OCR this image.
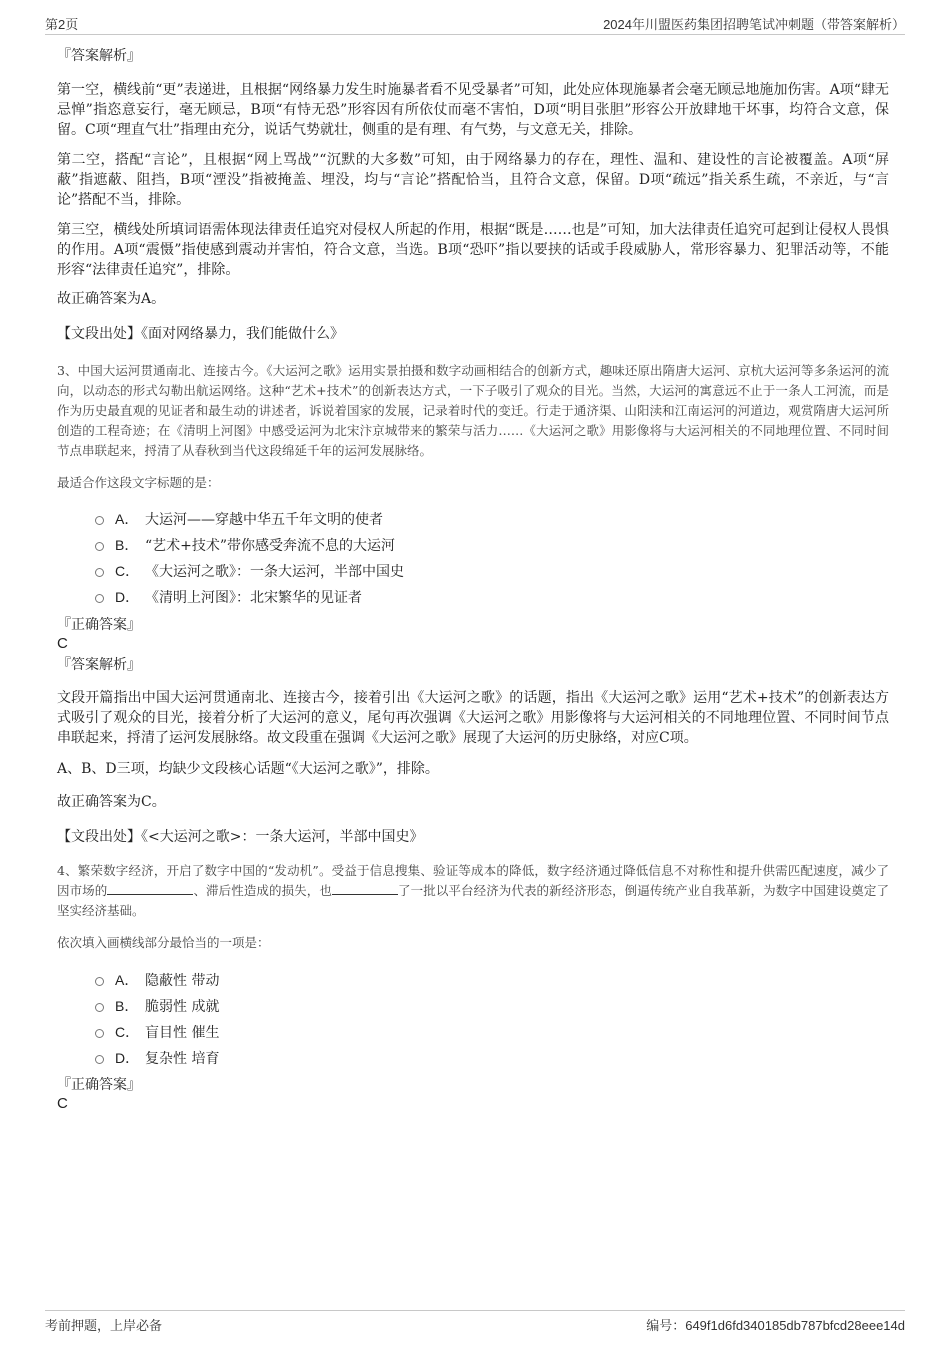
第2页	2024年川盟医药集团招聘笔试冲刺题（带答案解析）
『答案解析』

第一空，横线前“更”表递进，且根据“网络暴力发生时施暴者看不见受暴者”可知，此处应体现施暴者会毫无顾忌地施加伤害。A项“肆无忌惮”指恣意妄行，毫无顾忌，B项“有恃无恐”形容因有所依仗而毫不害怕，D项“明目张胆”形容公开放肆地干坏事，均符合文意，保留。C项“理直气壮”指理由充分，说话气势就壮，侧重的是有理、有气势，与文意无关，排除。

第二空，搭配“言论”，且根据“网上骂战”“沉默的大多数”可知，由于网络暴力的存在，理性、温和、建设性的言论被覆盖。A项“屏蔽”指遮蔽、阻挡，B项“湮没”指被掩盖、埋没，均与“言论”搭配恰当，且符合文意，保留。D项“疏远”指关系生疏，不亲近，与“言论”搭配不当，排除。

第三空，横线处所填词语需体现法律责任追究对侵权人所起的作用，根据“既是……也是”可知，加大法律责任追究可起到让侵权人畏惧的作用。A项“震慑”指使感到震动并害怕，符合文意，当选。B项“恐吓”指以要挟的话或手段威胁人，常形容暴力、犯罪活动等，不能形容“法律责任追究”，排除。

故正确答案为A。

【文段出处】《面对网络暴力，我们能做什么》

3、中国大运河贯通南北、连接古今。《大运河之歌》运用实景拍摄和数字动画相结合的创新方式，趣味还原出隋唐大运河、京杭大运河等多条运河的流向，以动态的形式勾勒出航运网络。这种“艺术+技术”的创新表达方式，一下子吸引了观众的目光。当然，大运河的寓意远不止于一条人工河流，而是作为历史最直观的见证者和最生动的讲述者，诉说着国家的发展，记录着时代的变迁。行走于通济渠、山阳渎和江南运河的河道边，观赏隋唐大运河所创造的工程奇迹；在《清明上河图》中感受运河为北宋汴京城带来的繁荣与活力……《大运河之歌》用影像将与大运河相关的不同地理位置、不同时间节点串联起来，捋清了从春秋到当代这段绵延千年的运河发展脉络。

最适合作这段文字标题的是：

A． 大运河——穿越中华五千年文明的使者
B． “艺术+技术”带你感受奔流不息的大运河
C． 《大运河之歌》：一条大运河，半部中国史
D． 《清明上河图》：北宋繁华的见证者
『正确答案』
C
『答案解析』

文段开篇指出中国大运河贯通南北、连接古今，接着引出《大运河之歌》的话题，指出《大运河之歌》运用“艺术+技术”的创新表达方式吸引了观众的目光，接着分析了大运河的意义，尾句再次强调《大运河之歌》用影像将与大运河相关的不同地理位置、不同时间节点串联起来，捋清了运河发展脉络。故文段重在强调《大运河之歌》展现了大运河的历史脉络，对应C项。

A、B、D三项，均缺少文段核心话题“《大运河之歌》”，排除。

故正确答案为C。

【文段出处】《<大运河之歌>：一条大运河，半部中国史》

4、繁荣数字经济，开启了数字中国的“发动机”。受益于信息搜集、验证等成本的降低，数字经济通过降低信息不对称性和提升供需匹配速度，减少了因市场的	、滞后性造成的损失，也	了一批以平台经济为代表的新经济形态，倒逼传统产业自我革新，为数字中国建设奠定了坚实经济基础。

依次填入画横线部分最恰当的一项是：

A． 隐蔽性 带动
B． 脆弱性 成就
C． 盲目性 催生
D． 复杂性 培育
『正确答案』
C
考前押题，上岸必备	编号：649f1d6fd340185db787bfcd28eee14d
